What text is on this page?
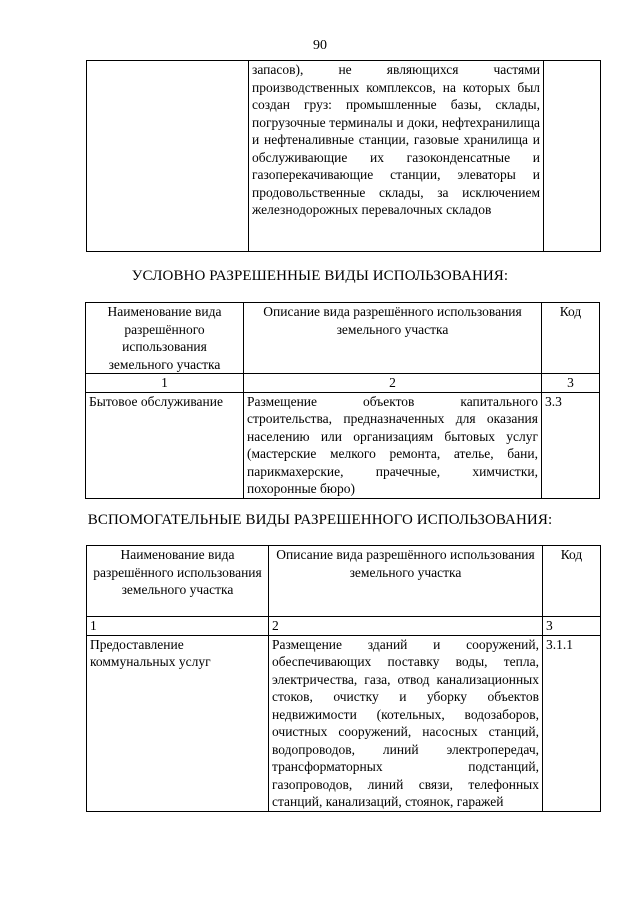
90
	запасов), не являющихся частями производственных комплексов, на которых был создан груз: промышленные базы, склады, погрузочные терминалы и доки, нефтехранилища и нефтеналивные станции, газовые хранилища и обслуживающие их газоконденсатные и газоперекачивающие станции, элеваторы и продовольственные склады, за исключением железнодорожных перевалочных складов	
УСЛОВНО РАЗРЕШЕННЫЕ ВИДЫ ИСПОЛЬЗОВАНИЯ:
Наименование вида разрешённого использования земельного участка	Описание вида разрешённого использования земельного участка	Код
1	2	3
Бытовое обслуживание	Размещение объектов капитального строительства, предназначенных для оказания населению или организациям бытовых услуг (мастерские мелкого ремонта, ателье, бани, парикмахерские, прачечные, химчистки, похоронные бюро)	3.3
ВСПОМОГАТЕЛЬНЫЕ ВИДЫ РАЗРЕШЕННОГО ИСПОЛЬЗОВАНИЯ:
Наименование вида разрешённого использования земельного участка	Описание вида разрешённого использования земельного участка	Код
1	2	3
Предоставление коммунальных услуг	Размещение зданий и сооружений, обеспечивающих поставку воды, тепла, электричества, газа, отвод канализационных стоков, очистку и уборку объектов недвижимости (котельных, водозаборов, очистных сооружений, насосных станций, водопроводов, линий электропередач, трансформаторных подстанций, газопроводов, линий связи, телефонных станций, канализаций, стоянок, гаражей	3.1.1
